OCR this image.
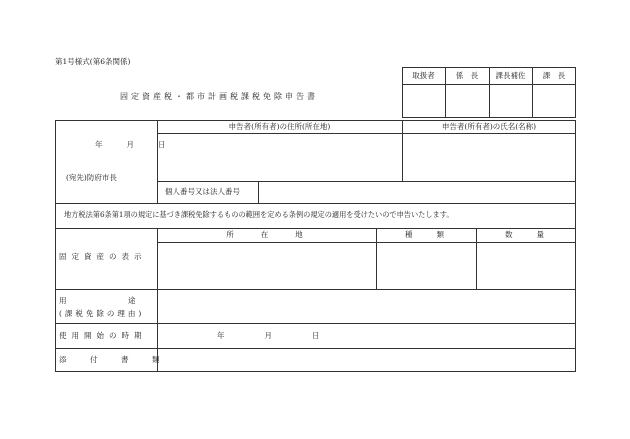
第1号様式(第6条関係)
取扱者	係　長	課長補佐	課　長
固定資産税・都市計画税課税免除申告書
申告者(所有者)の住所(所在地)	申告者(所有者)の氏名(名称)
年　　月　　日
(宛先)防府市長
個人番号又は法人番号
地方税法第6条第1項の規定に基づき課税免除するものの範囲を定める条例の規定の適用を受けたいので申告いたします。
固定資産の表示
所　　在　　地	種　　類	数　　量
用　　　　　途
(課税免除の理由)
使用開始の時期	年　　　　月　　　　日
添　付　書　類
